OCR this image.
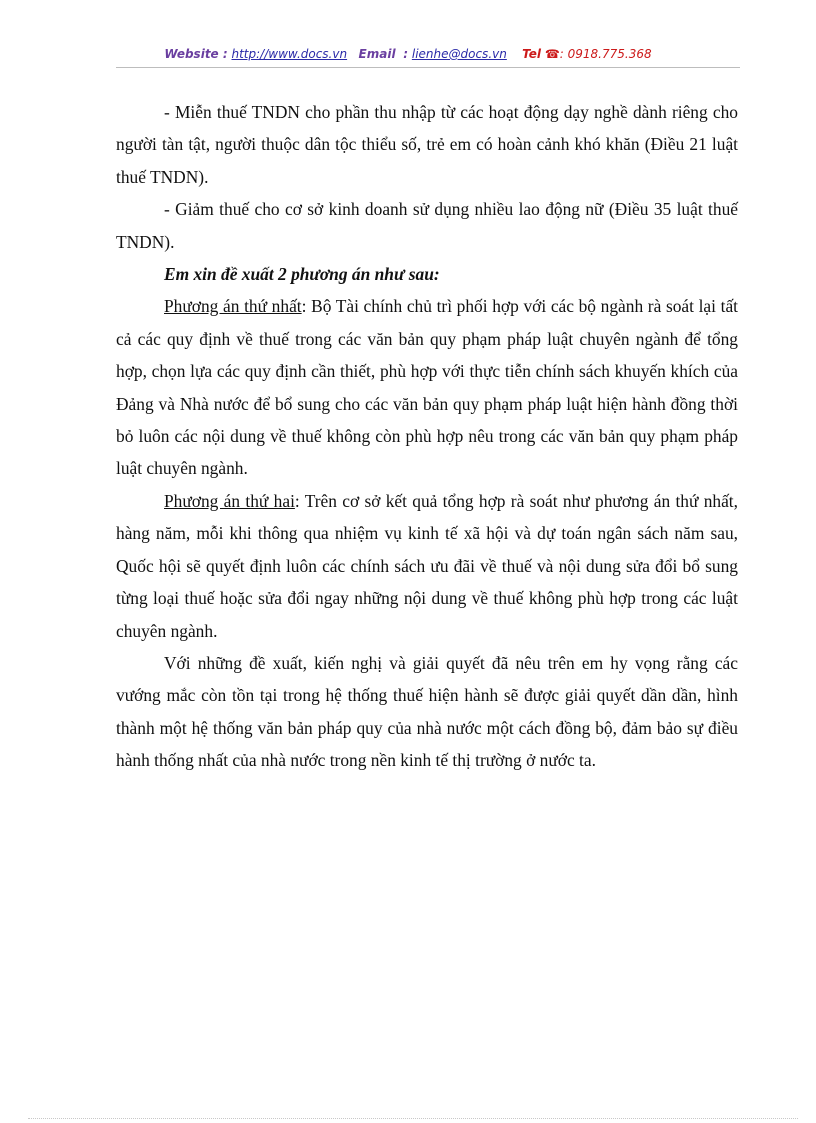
Website : http://www.docs.vn Email : lienhe@docs.vn Tel ☎: 0918.775.368

- Miễn thuế TNDN cho phần thu nhập từ các hoạt động dạy nghề dành riêng cho người tàn tật, người thuộc dân tộc thiểu số, trẻ em có hoàn cảnh khó khăn (Điều 21 luật thuế TNDN).

- Giảm thuế cho cơ sở kinh doanh sử dụng nhiều lao động nữ (Điều 35 luật thuế TNDN).

Em xin đề xuất 2 phương án như sau:

Phương án thứ nhất: Bộ Tài chính chủ trì phối hợp với các bộ ngành rà soát lại tất cả các quy định về thuế trong các văn bản quy phạm pháp luật chuyên ngành để tổng hợp, chọn lựa các quy định cần thiết, phù hợp với thực tiễn chính sách khuyến khích của Đảng và Nhà nước để bổ sung cho các văn bản quy phạm pháp luật hiện hành đồng thời bỏ luôn các nội dung về thuế không còn phù hợp nêu trong các văn bản quy phạm pháp luật chuyên ngành.

Phương án thứ hai: Trên cơ sở kết quả tổng hợp rà soát như phương án thứ nhất, hàng năm, mỗi khi thông qua nhiệm vụ kinh tế xã hội và dự toán ngân sách năm sau, Quốc hội sẽ quyết định luôn các chính sách ưu đãi về thuế và nội dung sửa đổi bổ sung từng loại thuế hoặc sửa đổi ngay những nội dung về thuế không phù hợp trong các luật chuyên ngành.

Với những đề xuất, kiến nghị và giải quyết đã nêu trên em hy vọng rằng các vướng mắc còn tồn tại trong hệ thống thuế hiện hành sẽ được giải quyết dần dần, hình thành một hệ thống văn bản pháp quy của nhà nước một cách đồng bộ, đảm bảo sự điều hành thống nhất của nhà nước trong nền kinh tế thị trường ở nước ta.
